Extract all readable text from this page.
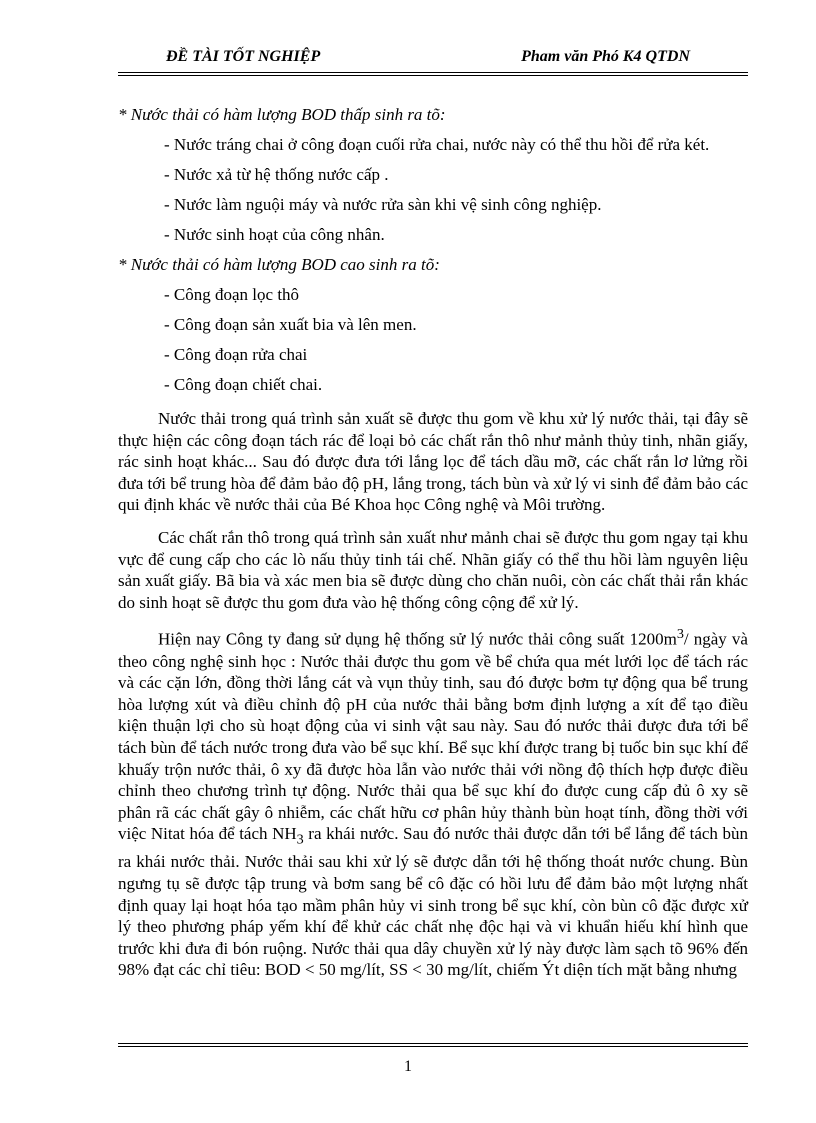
ĐỀ TÀI TỐT NGHIỆP	Pham văn Phó K4 QTDN
* Nước thải có hàm lượng BOD thấp sinh ra tõ:
- Nước tráng chai ở công đoạn cuối rửa chai, nước này có thể thu hồi để rửa két.
- Nước xả từ hệ thống nước cấp .
- Nước làm nguội máy và nước rửa sàn khi vệ sinh công nghiệp.
- Nước sinh hoạt của công nhân.
* Nước thải có hàm lượng BOD cao sinh ra tõ:
- Công đoạn lọc thô
- Công đoạn sản xuất bia và lên men.
- Công đoạn rửa chai
- Công đoạn chiết chai.

Nước thải trong quá trình sản xuất sẽ được thu gom về khu xử lý nước thải, tại đây sẽ thực hiện các công đoạn tách rác để loại bỏ các chất rắn thô như mảnh thủy tinh, nhãn giấy, rác sinh hoạt khác... Sau đó được đưa tới lắng lọc để tách dầu mỡ, các chất rắn lơ lửng rồi đưa tới bể trung hòa để đảm bảo độ pH, lắng trong, tách bùn và xử lý vi sinh để đảm bảo các qui định khác về nước thải của Bé Khoa học Công nghệ và Môi trường.

Các chất rắn thô trong quá trình sản xuất như mảnh chai sẽ được thu gom ngay tại khu vực để cung cấp cho các lò nấu thủy tinh tái chế. Nhãn giấy có thể thu hồi làm nguyên liệu sản xuất giấy. Bã bia và xác men bia sẽ được dùng cho chăn nuôi, còn các chất thải rắn khác do sinh hoạt sẽ được thu gom đưa vào hệ thống công cộng để xử lý.

Hiện nay Công ty đang sử dụng hệ thống sử lý nước thải công suất $1200m^3/$ ngày và theo công nghệ sinh học : Nước thải được thu gom về bể chứa qua mét lưới lọc để tách rác và các cặn lớn, đồng thời lắng cát và vụn thủy tinh, sau đó được bơm tự động qua bể trung hòa lượng xút và điều chỉnh độ pH của nước thải bằng bơm định lượng a xít để tạo điều kiện thuận lợi cho sù hoạt động của vi sinh vật sau này. Sau đó nước thải được đưa tới bể tách bùn để tách nước trong đưa vào bể sục khí. Bể sục khí được trang bị tuốc bin sục khí để khuấy trộn nước thải, ô xy đã được hòa lẫn vào nước thải với nồng độ thích hợp được điều chỉnh theo chương trình tự động. Nước thải qua bể sục khí đo được cung cấp đủ ô xy sẽ phân rã các chất gây ô nhiễm, các chất hữu cơ phân hủy thành bùn hoạt tính, đồng thời với việc Nitat hóa để tách $NH_3$ ra khái nước. Sau đó nước thải được dẫn tới bể lắng để tách bùn ra khái nước thải. Nước thải sau khi xử lý sẽ được dẫn tới hệ thống thoát nước chung. Bùn ngưng tụ sẽ được tập trung và bơm sang bể cô đặc có hồi lưu để đảm bảo một lượng nhất định quay lại hoạt hóa tạo mầm phân hủy vi sinh trong bể sục khí, còn bùn cô đặc được xử lý theo phương pháp yếm khí để khử các chất nhẹ độc hại và vi khuẩn hiếu khí hình que trước khi đưa đi bón ruộng. Nước thải qua dây chuyền xử lý này được làm sạch tõ 96% đến 98% đạt các chỉ tiêu: BOD < 50 mg/lít, SS < 30 mg/lít, chiếm Ýt diện tích mặt bằng nhưng

1
